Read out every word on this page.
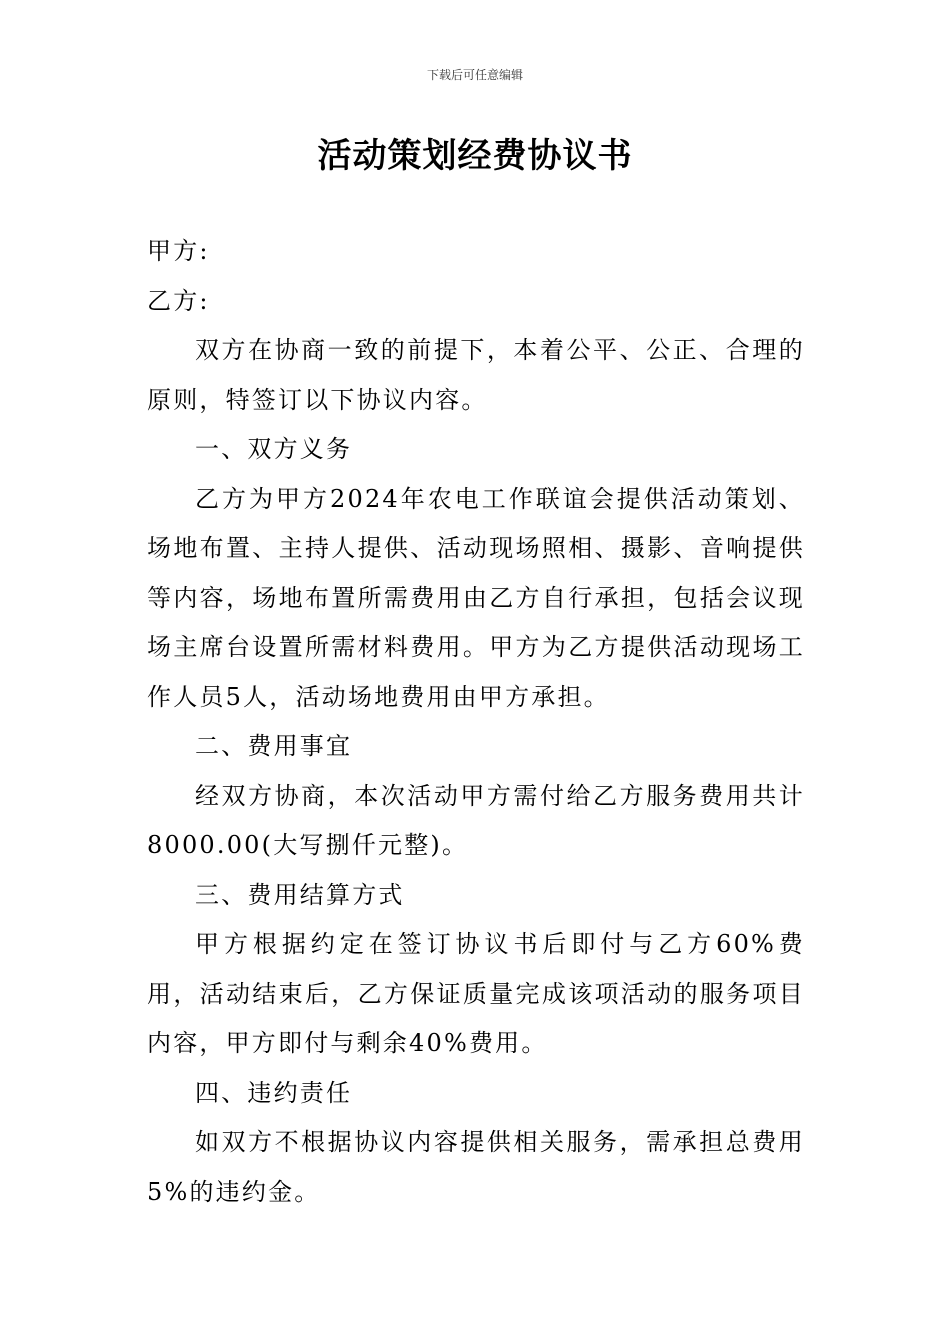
下载后可任意编辑
活动策划经费协议书

甲方:

乙方:

双方在协商一致的前提下，本着公平、公正、合理的原则，特签订以下协议内容。

一、双方义务

乙方为甲方2024年农电工作联谊会提供活动策划、场地布置、主持人提供、活动现场照相、摄影、音响提供等内容，场地布置所需费用由乙方自行承担，包括会议现场主席台设置所需材料费用。甲方为乙方提供活动现场工作人员5人，活动场地费用由甲方承担。

二、费用事宜

经双方协商，本次活动甲方需付给乙方服务费用共计8000.00(大写捌仟元整)。

三、费用结算方式

甲方根据约定在签订协议书后即付与乙方60%费用，活动结束后，乙方保证质量完成该项活动的服务项目内容，甲方即付与剩余40%费用。

四、违约责任

如双方不根据协议内容提供相关服务，需承担总费用5%的违约金。
